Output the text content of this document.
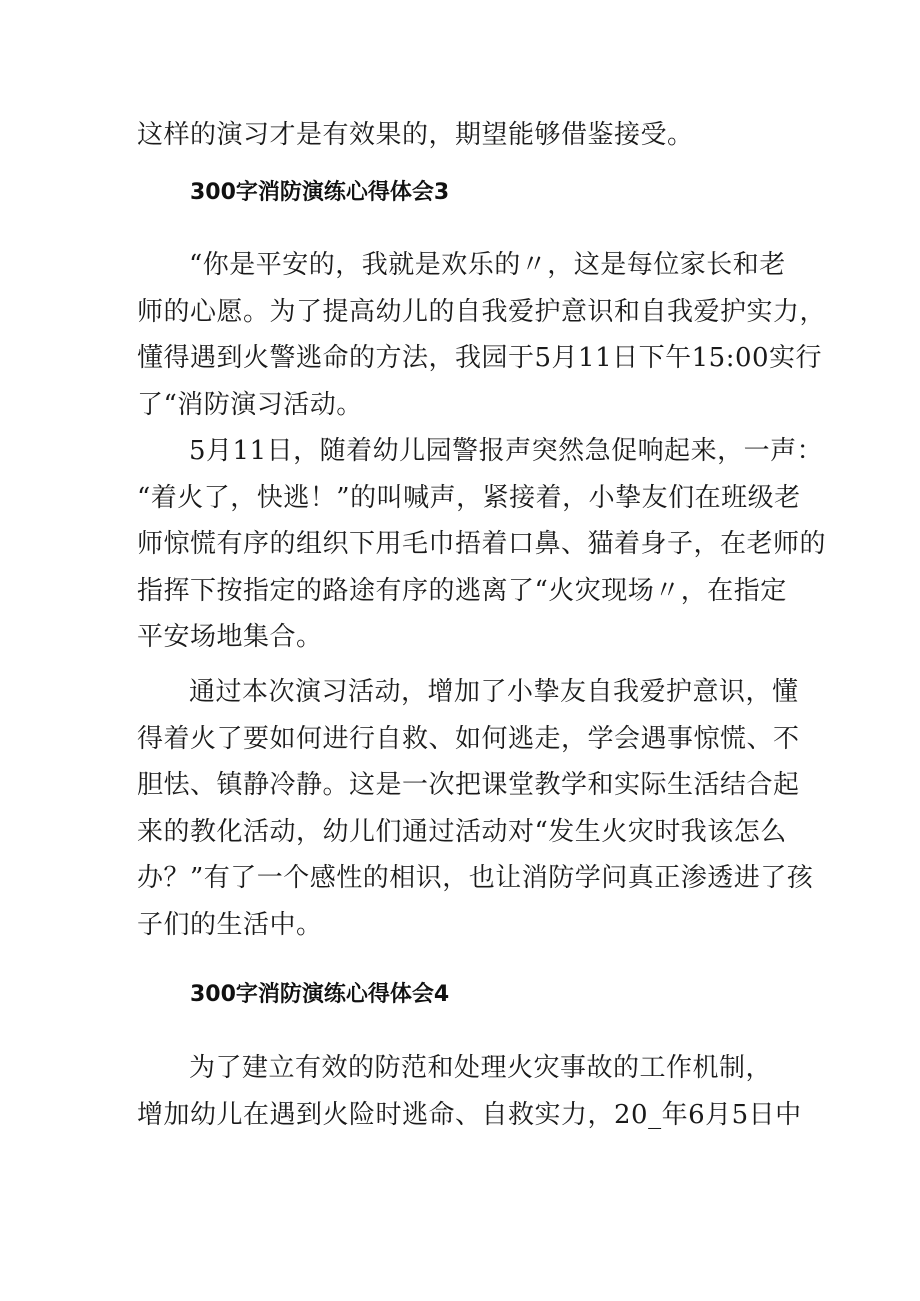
这样的演习才是有效果的，期望能够借鉴接受。

300字消防演练心得体会3

“你是平安的，我就是欢乐的〃，这是每位家长和老
师的心愿。为了提高幼儿的自我爱护意识和自我爱护实力，
懂得遇到火警逃命的方法，我园于5月11日下午15:00实行
了“消防演习活动。

5月11日，随着幼儿园警报声突然急促响起来，一声：
“着火了，快逃！”的叫喊声，紧接着，小挚友们在班级老
师惊慌有序的组织下用毛巾捂着口鼻、猫着身子，在老师的
指挥下按指定的路途有序的逃离了“火灾现场〃，在指定
平安场地集合。

通过本次演习活动，增加了小挚友自我爱护意识，懂
得着火了要如何进行自救、如何逃走，学会遇事惊慌、不
胆怯、镇静冷静。这是一次把课堂教学和实际生活结合起
来的教化活动，幼儿们通过活动对“发生火灾时我该怎么
办？”有了一个感性的相识，也让消防学问真正渗透进了孩
子们的生活中。

300字消防演练心得体会4

为了建立有效的防范和处理火灾事故的工作机制，
增加幼儿在遇到火险时逃命、自救实力，20_年6月5日中
